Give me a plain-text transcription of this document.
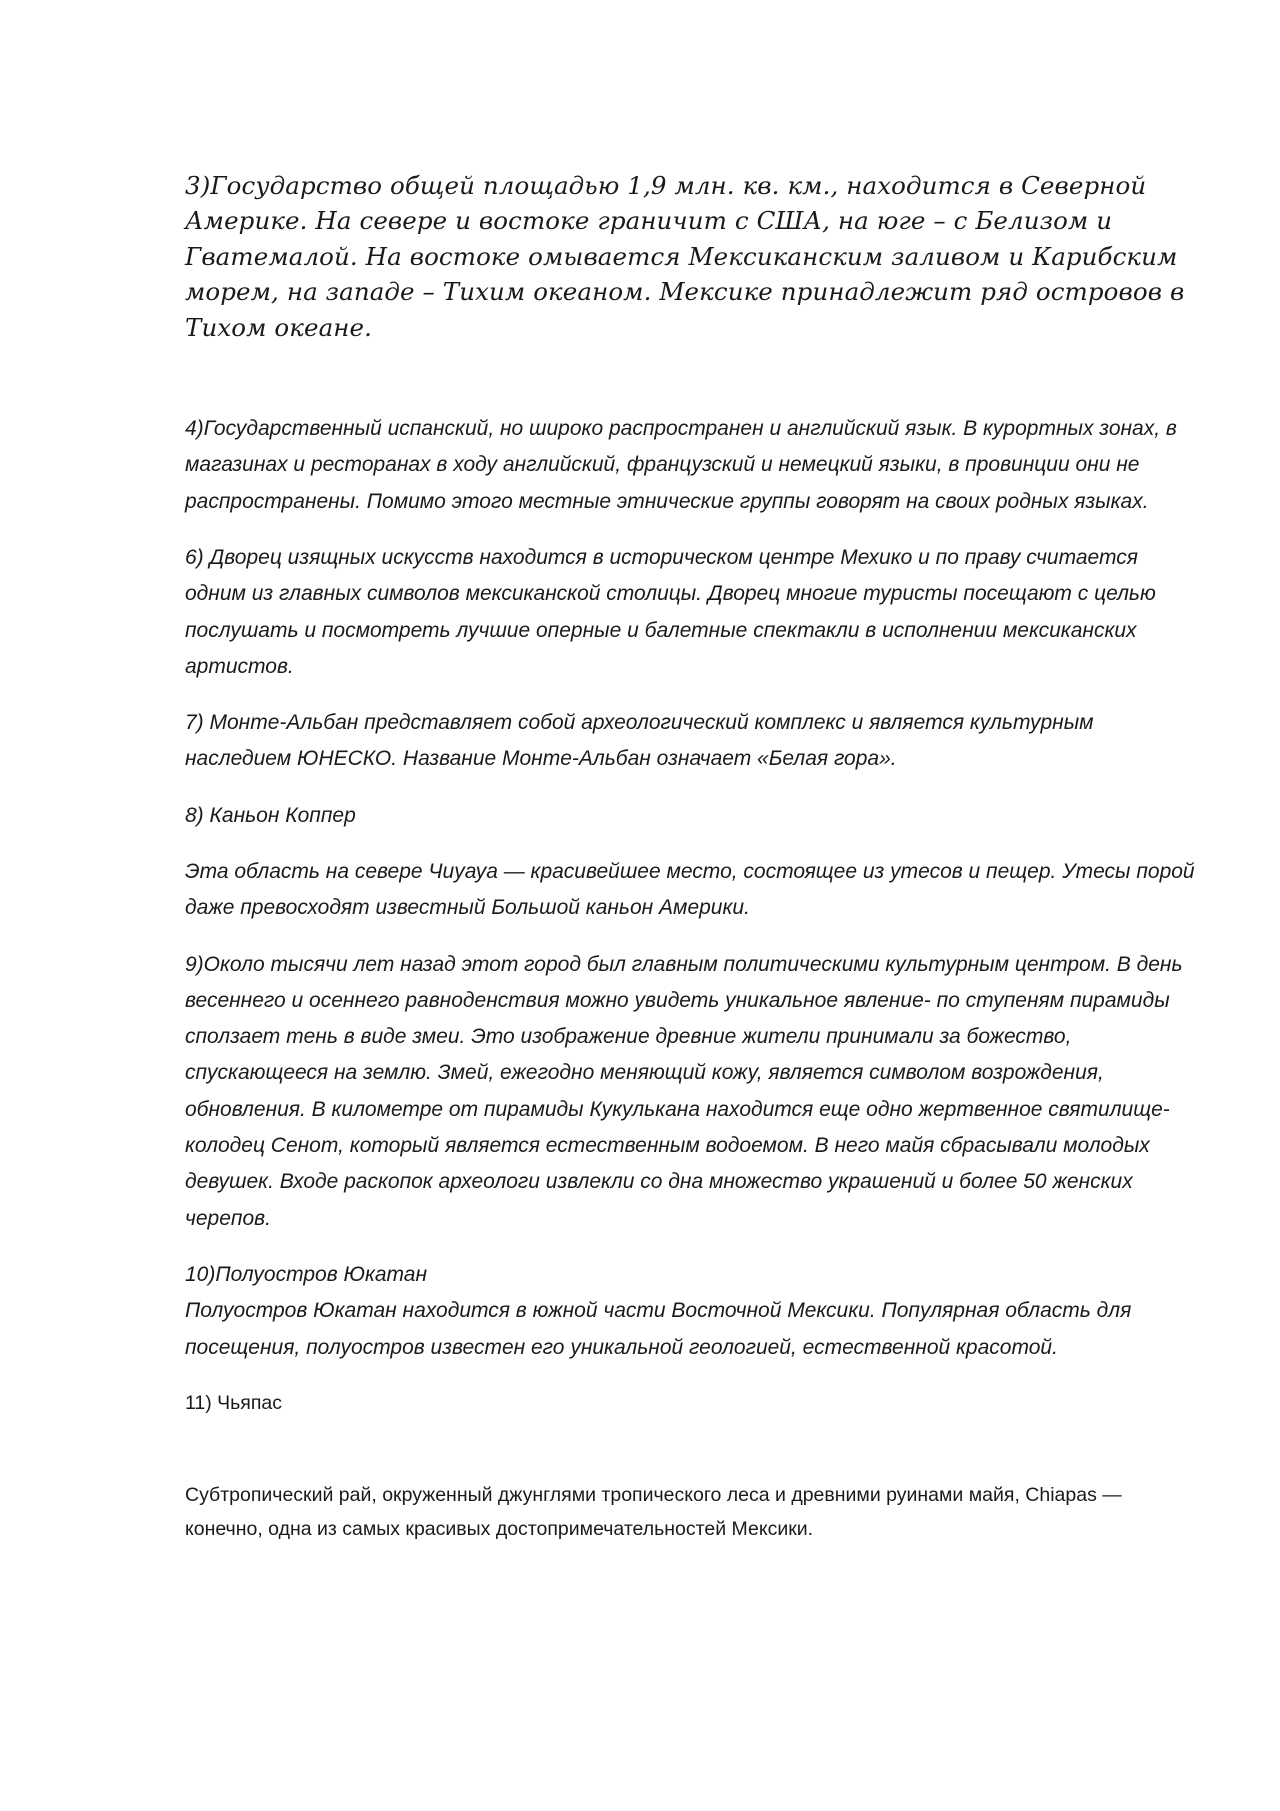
3)Государство общей площадью 1,9 млн. кв. км., находится в Северной Америке. На севере и востоке граничит с США, на юге – с Белизом и Гватемалой. На востоке омывается Мексиканским заливом и Карибским морем, на западе – Тихим океаном. Мексике принадлежит ряд островов в Тихом океане.

4)Государственный испанский, но широко распространен и английский язык. В курортных зонах, в магазинах и ресторанах в ходу английский, французский и немецкий языки, в провинции они не распространены. Помимо этого местные этнические группы говорят на своих родных языках.

6) Дворец изящных искусств находится в историческом центре Мехико и по праву считается одним из главных символов мексиканской столицы. Дворец многие туристы посещают с целью послушать и посмотреть лучшие оперные и балетные спектакли в исполнении мексиканских артистов.

7) Монте-Альбан представляет собой археологический комплекс и является культурным наследием ЮНЕСКО. Название Монте-Альбан означает «Белая гора».

8) Каньон Коппер

Эта область на севере Чиуауа — красивейшее место, состоящее из утесов и пещер. Утесы порой даже превосходят известный Большой каньон Америки.

9)Около тысячи лет назад этот город был главным политическими культурным центром. В день весеннего и осеннего равноденствия можно увидеть уникальное явление- по ступеням пирамиды сползает тень в виде змеи. Это изображение древние жители принимали за божество, спускающееся на землю. Змей, ежегодно меняющий кожу, является символом возрождения, обновления. В километре от пирамиды Кукулькана находится еще одно жертвенное святилище- колодец Сенот, который является естественным водоемом. В него майя сбрасывали молодых девушек. Входе раскопок археологи извлекли со дна множество украшений и более 50 женских черепов.

10)Полуостров Юкатан

Полуостров Юкатан находится в южной части Восточной Мексики. Популярная область для посещения, полуостров известен его уникальной геологией, естественной красотой.

11) Чьяпас

Субтропический рай, окруженный джунглями тропического леса и древними руинами майя, Chiapas — конечно, одна из самых красивых достопримечательностей Мексики.
